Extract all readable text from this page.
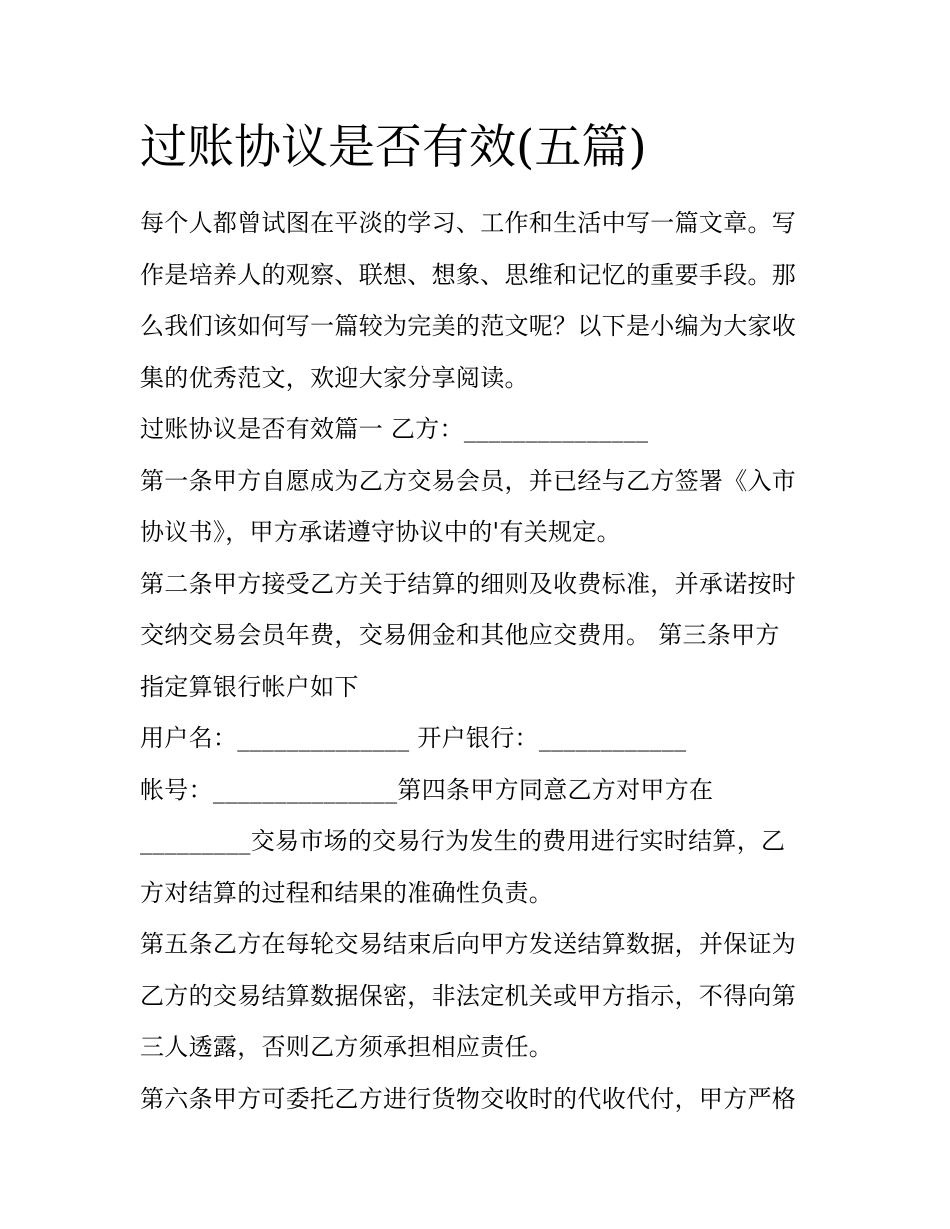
过账协议是否有效(五篇)
每个人都曾试图在平淡的学习、工作和生活中写一篇文章。写
作是培养人的观察、联想、想象、思维和记忆的重要手段。那
么我们该如何写一篇较为完美的范文呢？以下是小编为大家收
集的优秀范文，欢迎大家分享阅读。
过账协议是否有效篇一 乙方：_______________
第一条甲方自愿成为乙方交易会员，并已经与乙方签署《入市
协议书》，甲方承诺遵守协议中的'有关规定。
第二条甲方接受乙方关于结算的细则及收费标准，并承诺按时
交纳交易会员年费，交易佣金和其他应交费用。 第三条甲方
指定算银行帐户如下
用户名：______________ 开户银行：____________
帐号：_______________第四条甲方同意乙方对甲方在
_________交易市场的交易行为发生的费用进行实时结算，乙
方对结算的过程和结果的准确性负责。
第五条乙方在每轮交易结束后向甲方发送结算数据，并保证为
乙方的交易结算数据保密，非法定机关或甲方指示，不得向第
三人透露，否则乙方须承担相应责任。
第六条甲方可委托乙方进行货物交收时的代收代付，甲方严格
